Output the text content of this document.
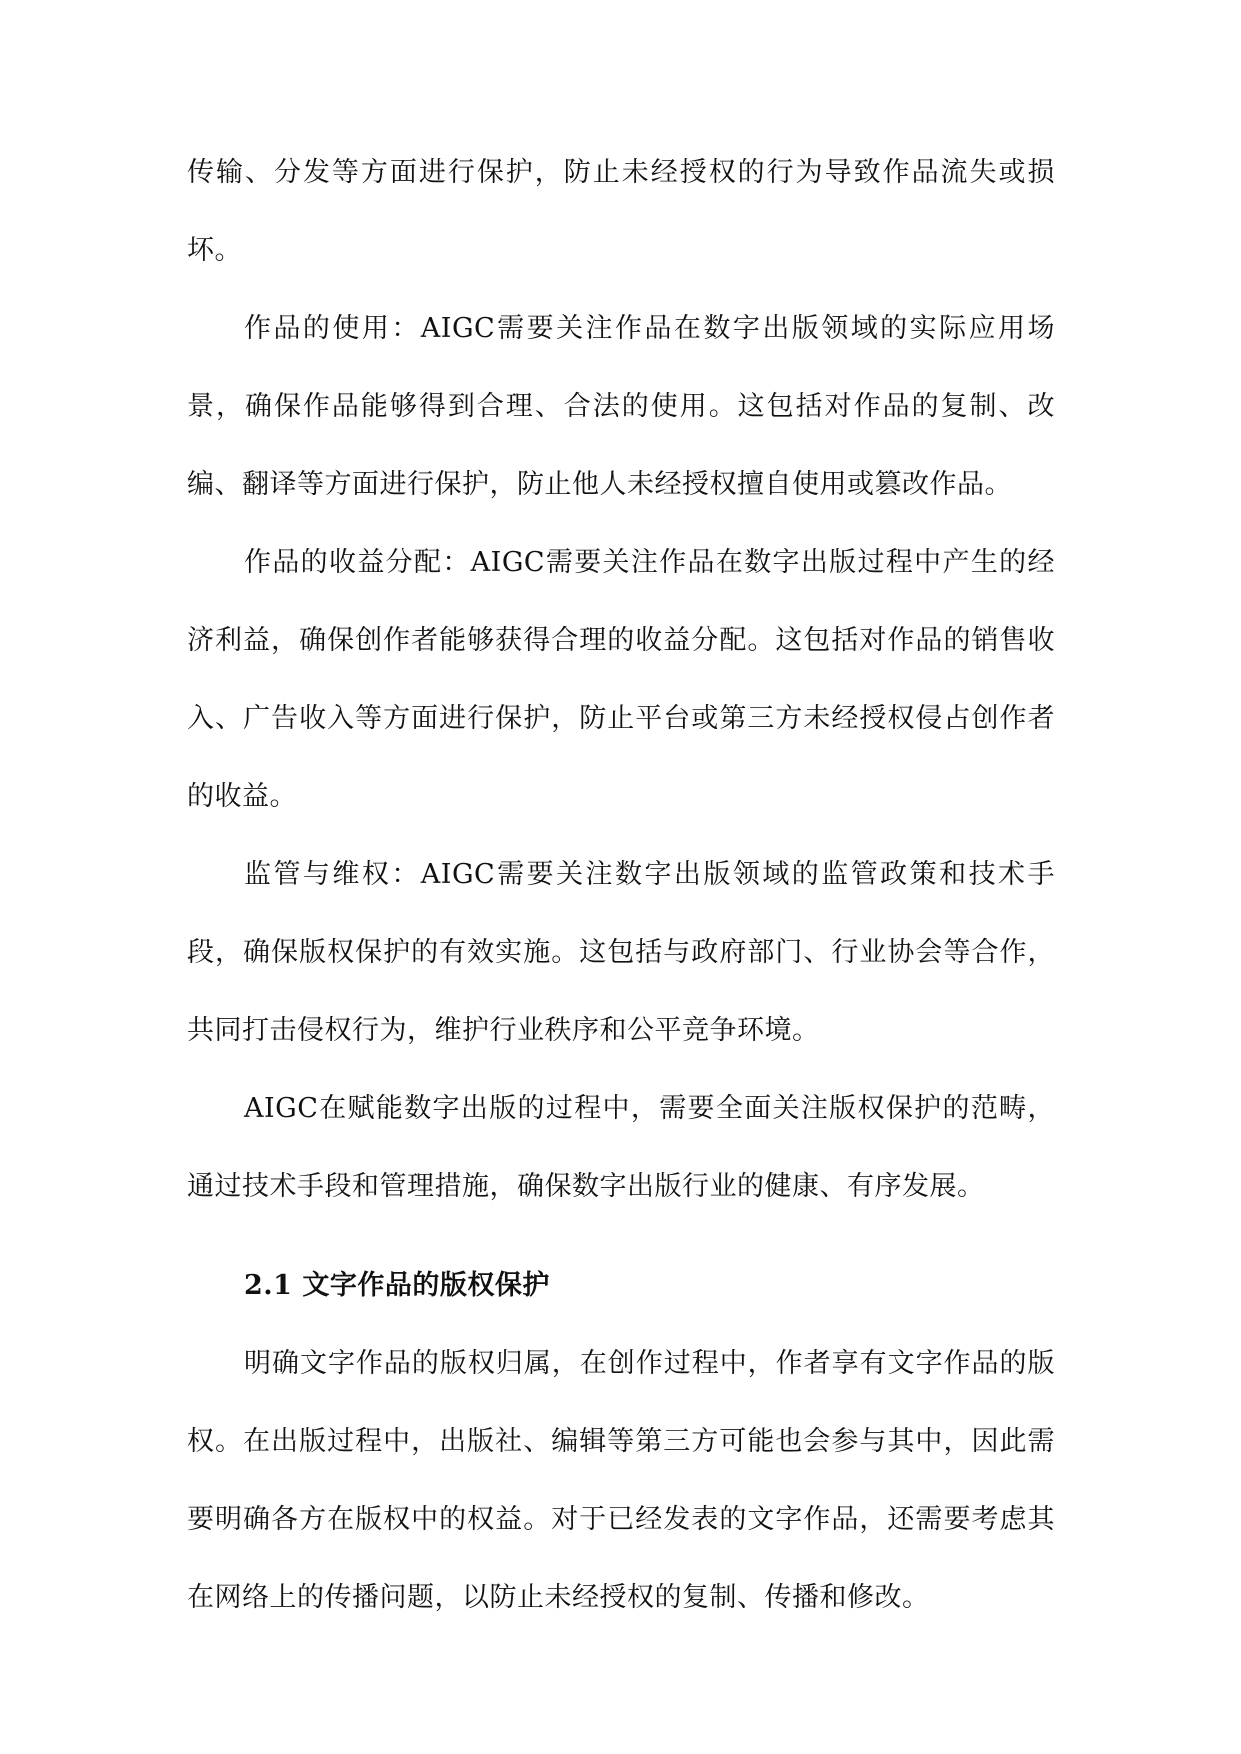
传输、分发等方面进行保护，防止未经授权的行为导致作品流失或损坏。

作品的使用：AIGC需要关注作品在数字出版领域的实际应用场景，确保作品能够得到合理、合法的使用。这包括对作品的复制、改编、翻译等方面进行保护，防止他人未经授权擅自使用或篡改作品。

作品的收益分配：AIGC需要关注作品在数字出版过程中产生的经济利益，确保创作者能够获得合理的收益分配。这包括对作品的销售收入、广告收入等方面进行保护，防止平台或第三方未经授权侵占创作者的收益。

监管与维权：AIGC需要关注数字出版领域的监管政策和技术手段，确保版权保护的有效实施。这包括与政府部门、行业协会等合作，共同打击侵权行为，维护行业秩序和公平竞争环境。

AIGC在赋能数字出版的过程中，需要全面关注版权保护的范畴，通过技术手段和管理措施，确保数字出版行业的健康、有序发展。

2.1 文字作品的版权保护

明确文字作品的版权归属，在创作过程中，作者享有文字作品的版权。在出版过程中，出版社、编辑等第三方可能也会参与其中，因此需要明确各方在版权中的权益。对于已经发表的文字作品，还需要考虑其在网络上的传播问题，以防止未经授权的复制、传播和修改。
